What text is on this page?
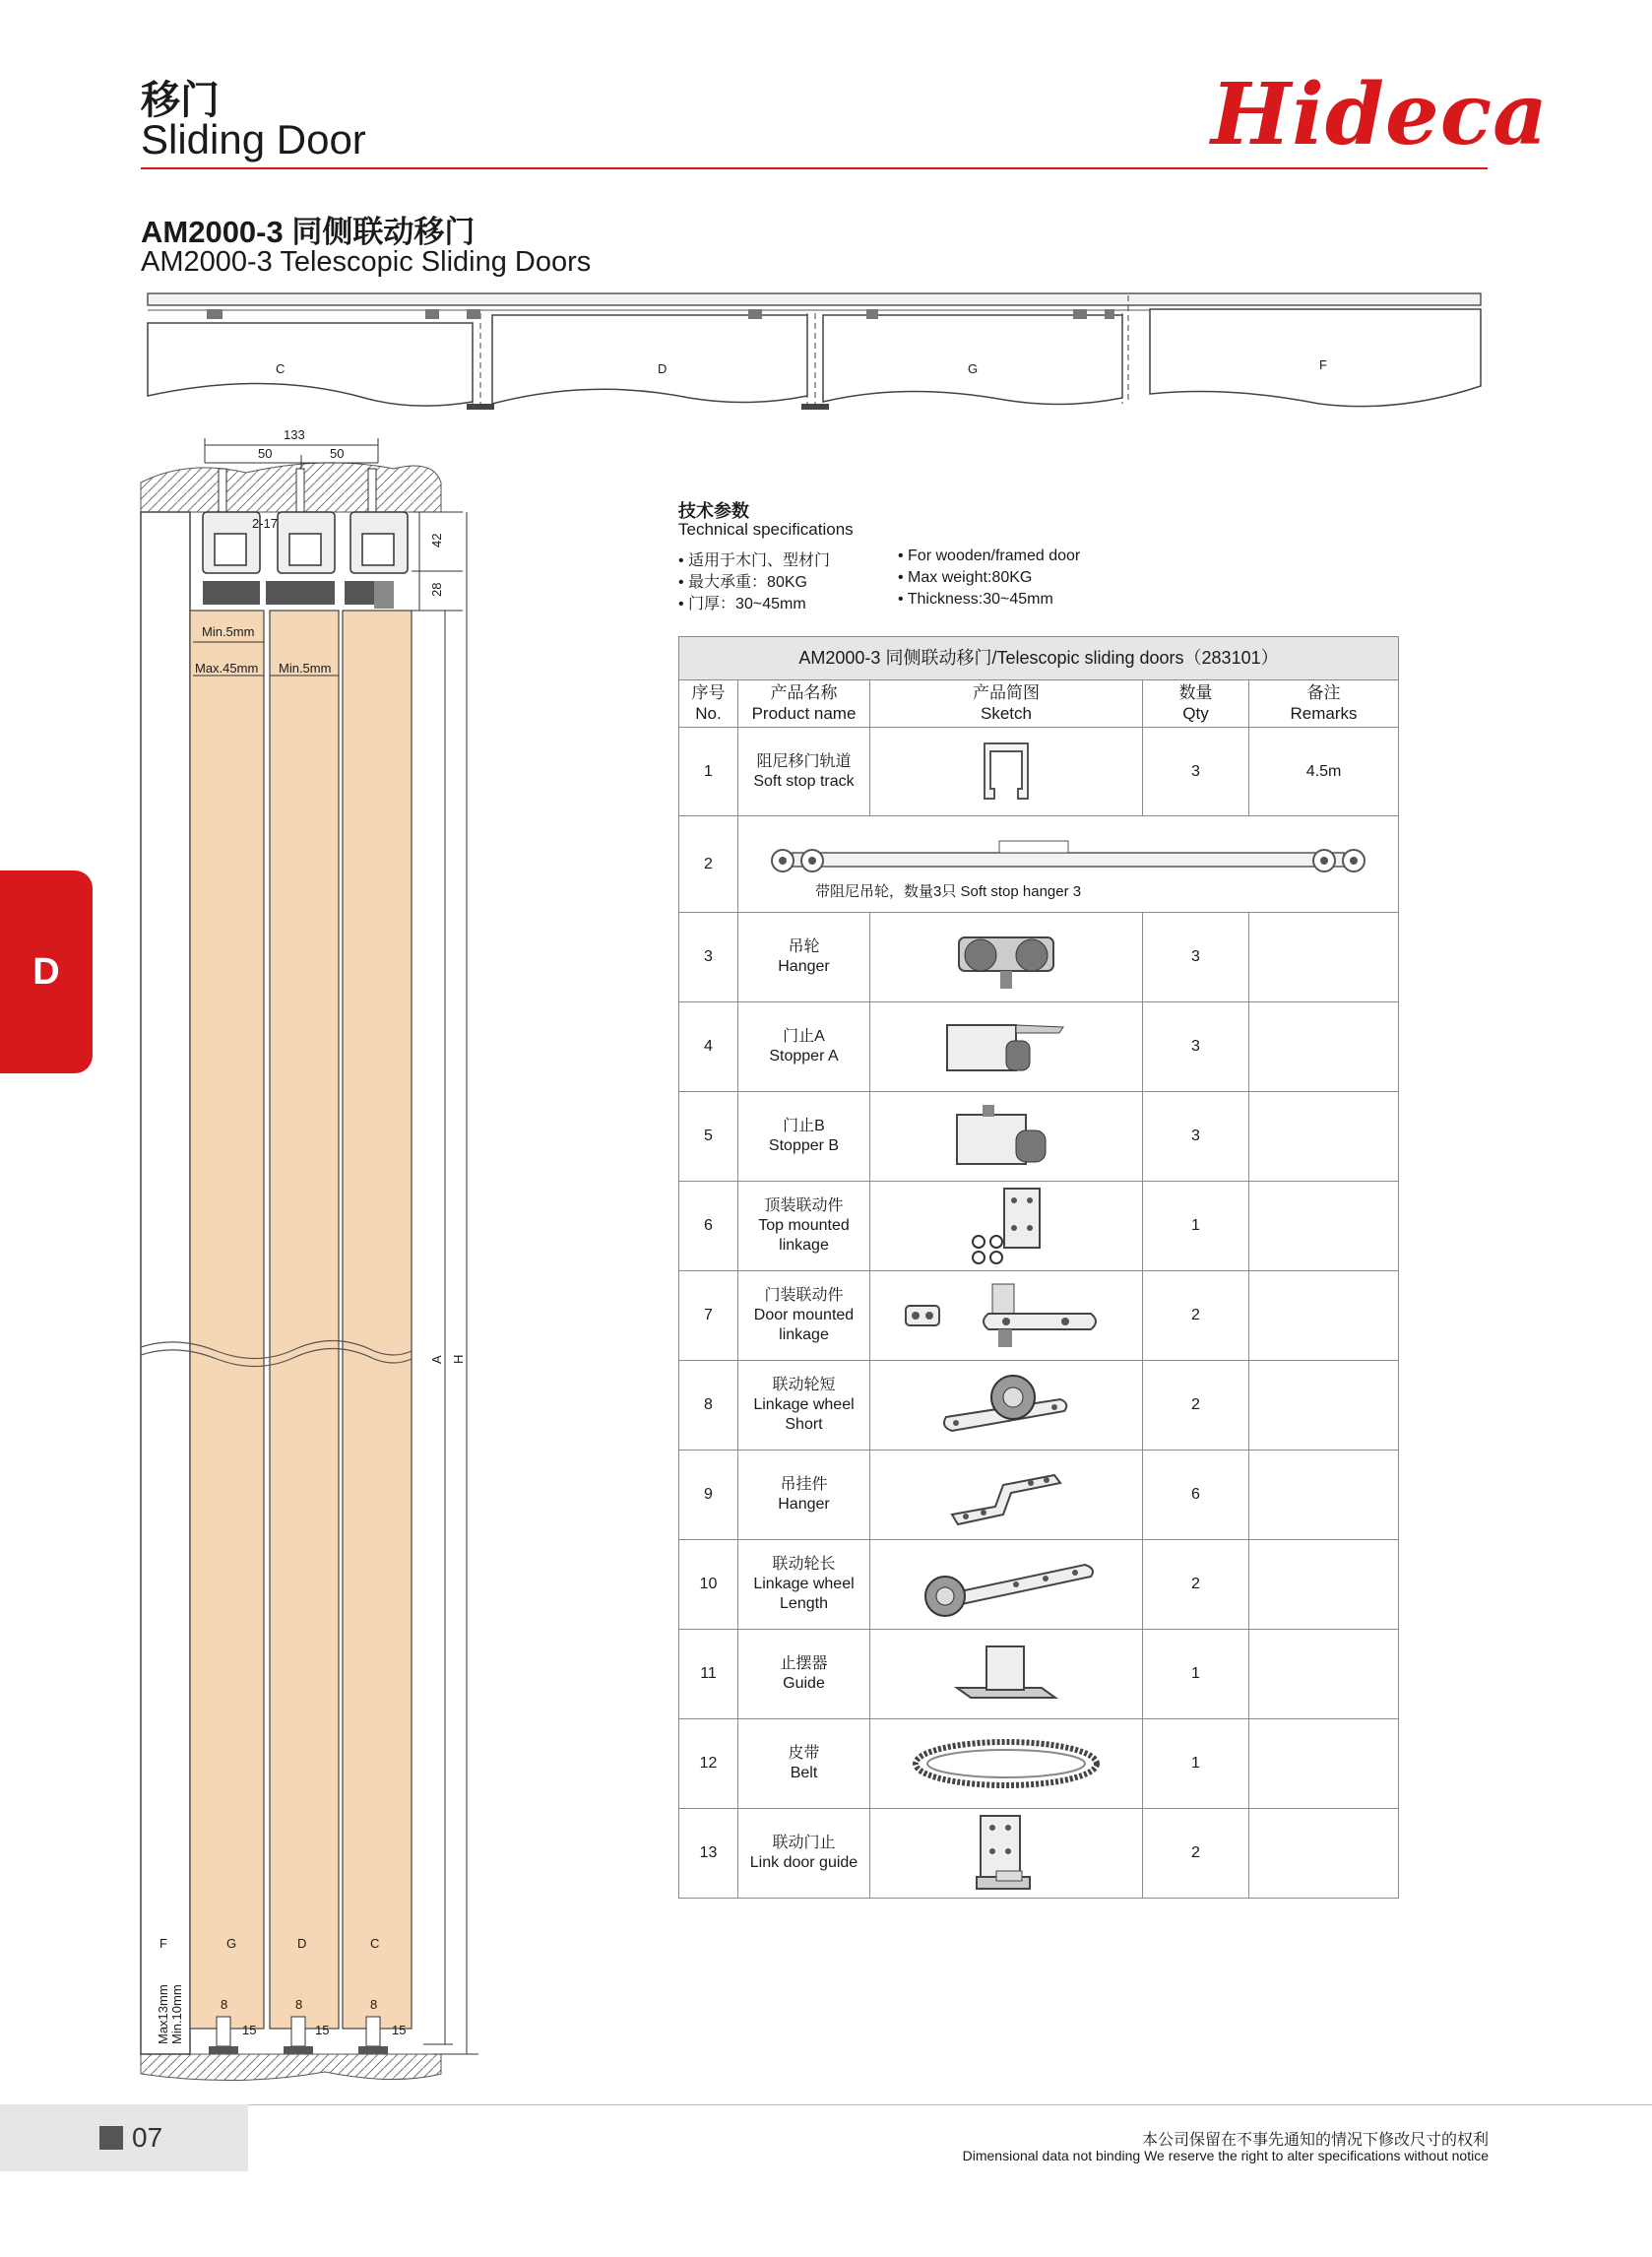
移门
Sliding Door	Hideca
AM2000-3 同侧联动移门
AM2000-3 Telescopic Sliding Doors
D
C	D	G	F
133
50	50
2-17
42
28
Min.5mm
Max.45mm Min.5mm
A H
F	G	D	C
8	8	8
15	15	15
Max13mm Min.10mm
技术参数
Technical specifications
• 适用于木门、型材门
• 最大承重：80KG
• 门厚：30~45mm
• For wooden/framed door
• Max weight:80KG
• Thickness:30~45mm
AM2000-3 同侧联动移门/Telescopic sliding doors（283101）				

序号
No.	产品名称
Product name	产品简图
Sketch	数量
Qty	备注
Remarks

1	阻尼移门轨道
Soft stop track		3	4.5m
2	带阻尼吊轮，数量3只 Soft stop hanger 3			

3	吊轮
Hanger		3	
4	门止A
Stopper A		3	
5	门止B
Stopper B		3	
6	顶装联动件
Top mounted linkage		1	
7	门装联动件
Door mounted linkage		2	
8	联动轮短
Linkage wheel Short		2	
9	吊挂件
Hanger		6	
10	联动轮长
Linkage wheel Length		2	
11	止摆器
Guide		1	
12	皮带
Belt		1	
13	联动门止
Link door guide		2	
07	本公司保留在不事先通知的情况下修改尺寸的权利
Dimensional data not binding We reserve the right to alter specifications without notice
